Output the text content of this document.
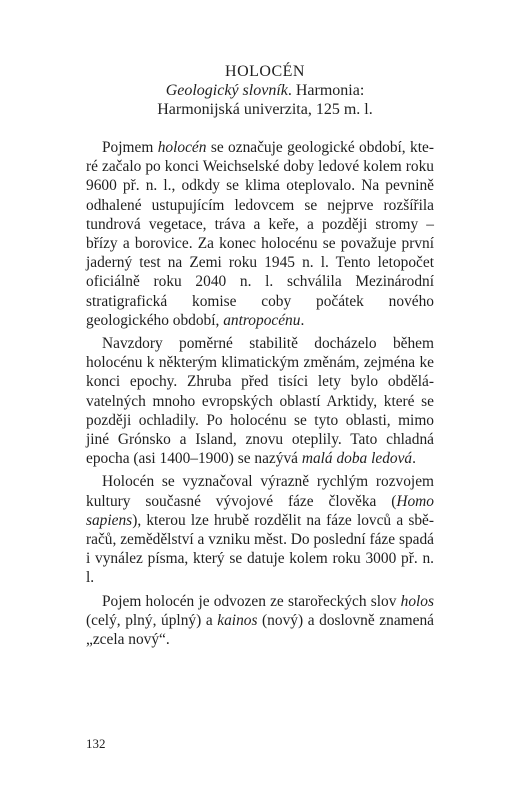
HOLOCÉN
Geologický slovník. Harmonia:
Harmonijská univerzita, 125 m. l.

Pojmem holocén se označuje geologické období, které začalo po konci Weichselské doby ledové kolem roku 9600 př. n. l., odkdy se klima oteplovalo. Na pevnině odhalené ustupujícím ledovcem se nejprve rozšířila tundrová vegetace, tráva a keře, a později stromy – břízy a borovice. Za konec holocénu se považuje první jaderný test na Zemi roku 1945 n. l. Tento letopočet oficiálně roku 2040 n. l. schválila Mezinárodní stratigrafická komise coby počátek nového geologického období, antropocénu.

Navzdory poměrné stabilitě docházelo během holocénu k některým klimatickým změnám, zejména ke konci epochy. Zhruba před tisíci lety bylo obdělávatelných mnoho evropských oblastí Arktidy, které se později ochladily. Po holocénu se tyto oblasti, mimo jiné Grónsko a Island, znovu oteplily. Tato chladná epocha (asi 1400–1900) se nazývá malá doba ledová.

Holocén se vyznačoval výrazně rychlým rozvojem kultury současné vývojové fáze člověka (Homo sapiens), kterou lze hrubě rozdělit na fáze lovců a sběračů, zemědělství a vzniku měst. Do poslední fáze spadá i vynález písma, který se datuje kolem roku 3000 př. n. l.

Pojem holocén je odvozen ze starořeckých slov holos (celý, plný, úplný) a kainos (nový) a doslovně znamená „zcela nový“.

132
